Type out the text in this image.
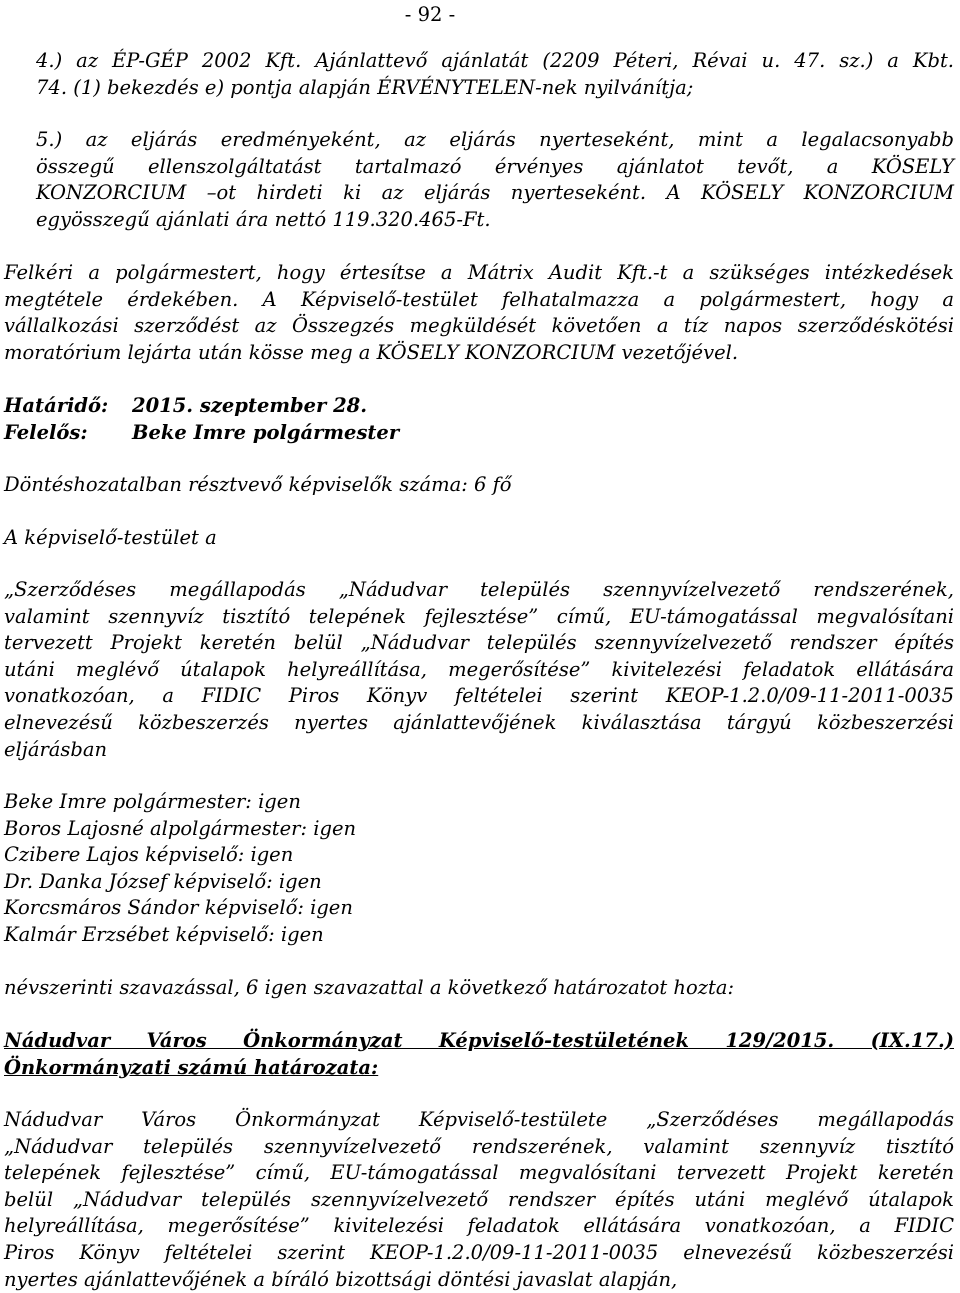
- 92 -
4.) az ÉP-GÉP 2002 Kft. Ajánlattevő ajánlatát (2209 Péteri, Révai u. 47. sz.) a Kbt.
74. (1) bekezdés e) pontja alapján ÉRVÉNYTELEN-nek nyilvánítja;
5.) az eljárás eredményeként, az eljárás nyerteseként, mint a legalacsonyabb
összegű ellenszolgáltatást tartalmazó érvényes ajánlatot tevőt, a KÖSELY
KONZORCIUM –ot hirdeti ki az eljárás nyerteseként. A KÖSELY KONZORCIUM
egyösszegű ajánlati ára nettó 119.320.465-Ft.
Felkéri a polgármestert, hogy értesítse a Mátrix Audit Kft.-t a szükséges intézkedések
megtétele érdekében. A Képviselő-testület felhatalmazza a polgármestert, hogy a
vállalkozási szerződést az Összegzés megküldését követően a tíz napos szerződéskötési
moratórium lejárta után kösse meg a KÖSELY KONZORCIUM vezetőjével.
Határidő: 2015. szeptember 28.
Felelős: Beke Imre polgármester
Döntéshozatalban résztvevő képviselők száma: 6 fő
A képviselő-testület a
„Szerződéses megállapodás „Nádudvar település szennyvízelvezető rendszerének,
valamint szennyvíz tisztító telepének fejlesztése” című, EU-támogatással megvalósítani
tervezett Projekt keretén belül „Nádudvar település szennyvízelvezető rendszer építés
utáni meglévő útalapok helyreállítása, megerősítése” kivitelezési feladatok ellátására
vonatkozóan, a FIDIC Piros Könyv feltételei szerint KEOP-1.2.0/09-11-2011-0035
elnevezésű közbeszerzés nyertes ajánlattevőjének kiválasztása tárgyú közbeszerzési
eljárásban
Beke Imre polgármester: igen
Boros Lajosné alpolgármester: igen
Czibere Lajos képviselő: igen
Dr. Danka József képviselő: igen
Korcsmáros Sándor képviselő: igen
Kalmár Erzsébet képviselő: igen
névszerinti szavazással, 6 igen szavazattal a következő határozatot hozta:
Nádudvar Város Önkormányzat Képviselő-testületének 129/2015. (IX.17.)
Önkormányzati számú határozata:
Nádudvar Város Önkormányzat Képviselő-testülete „Szerződéses megállapodás
„Nádudvar település szennyvízelvezető rendszerének, valamint szennyvíz tisztító
telepének fejlesztése” című, EU-támogatással megvalósítani tervezett Projekt keretén
belül „Nádudvar település szennyvízelvezető rendszer építés utáni meglévő útalapok
helyreállítása, megerősítése” kivitelezési feladatok ellátására vonatkozóan, a FIDIC
Piros Könyv feltételei szerint KEOP-1.2.0/09-11-2011-0035 elnevezésű közbeszerzési
nyertes ajánlattevőjének a bíráló bizottsági döntési javaslat alapján,
